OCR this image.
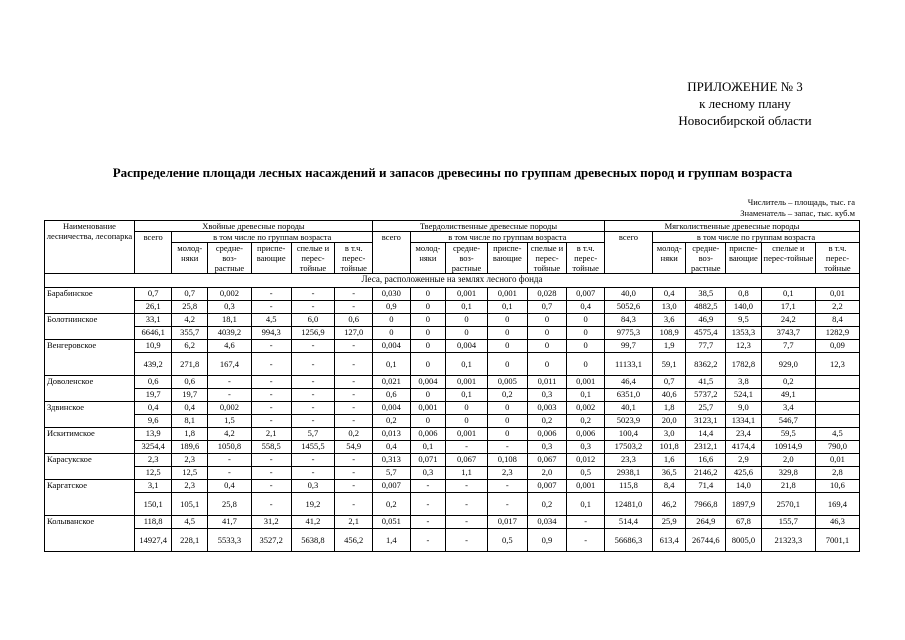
ПРИЛОЖЕНИЕ № 3
к лесному плану
Новосибирской области
Распределение площади лесных насаждений и запасов древесины по группам древесных пород и группам возраста
Числитель – площадь, тыс. га
Знаменатель – запас, тыс. куб.м
Наименование лесничества, лесопарка	Хвойные древесные породы						Твердолиственные древесные породы						Мягколиственные древесные породы					
	всего	в том числе по группам возраста					всего	в том числе по группам возраста					всего	в том числе по группам возраста				
		молод-няки	средне-воз-растные	приспе-вающие	спелые и перес-тойные	в т.ч. перес-тойные		молод-няки	средне-воз-растные	приспе-вающие	спелые и перес-тойные	в т.ч. перес-тойные		молод-няки	средне-воз-растные	приспе-вающие	спелые и перес-тойные	в т.ч. перес-тойные
Леса, расположенные на землях лесного фонда																		
Барабинское	0,7	0,7	0,002	-	-	-	0,030	0	0,001	0,001	0,028	0,007	40,0	0,4	38,5	0,8	0,1	0,01
	26,1	25,8	0,3	-	-	-	0,9	0	0,1	0,1	0,7	0,4	5052,6	13,0	4882,5	140,0	17,1	2,2
Болотнинское	33,1	4,2	18,1	4,5	6,0	0,6	0	0	0	0	0	0	84,3	3,6	46,9	9,5	24,2	8,4
	6646,1	355,7	4039,2	994,3	1256,9	127,0	0	0	0	0	0	0	9775,3	108,9	4575,4	1353,3	3743,7	1282,9
Венгеровское	10,9	6,2	4,6	-	-	-	0,004	0	0,004	0	0	0	99,7	1,9	77,7	12,3	7,7	0,09
	439,2	271,8	167,4	-	-	-	0,1	0	0,1	0	0	0	11133,1	59,1	8362,2	1782,8	929,0	12,3
Доволенское	0,6	0,6	-	-	-	-	0,021	0,004	0,001	0,005	0,011	0,001	46,4	0,7	41,5	3,8	0,2	
	19,7	19,7	-	-	-	-	0,6	0	0,1	0,2	0,3	0,1	6351,0	40,6	5737,2	524,1	49,1	
Здвинское	0,4	0,4	0,002	-	-	-	0,004	0,001	0	0	0,003	0,002	40,1	1,8	25,7	9,0	3,4	
	9,6	8,1	1,5	-	-	-	0,2	0	0	0	0,2	0,2	5023,9	20,0	3123,1	1334,1	546,7	
Искитимское	13,9	1,8	4,2	2,1	5,7	0,2	0,013	0,006	0,001	0	0,006	0,006	100,4	3,0	14,4	23,4	59,5	4,5
	3254,4	189,6	1050,8	558,5	1455,5	54,9	0,4	0,1	-	-	0,3	0,3	17503,2	101,8	2312,1	4174,4	10914,9	790,0
Карасукское	2,3	2,3	-	-	-	-	0,313	0,071	0,067	0,108	0,067	0,012	23,3	1,6	16,6	2,9	2,0	0,01
	12,5	12,5	-	-	-	-	5,7	0,3	1,1	2,3	2,0	0,5	2938,1	36,5	2146,2	425,6	329,8	2,8
Каргатское	3,1	2,3	0,4	-	0,3	-	0,007	-	-	-	0,007	0,001	115,8	8,4	71,4	14,0	21,8	10,6
	150,1	105,1	25,8	-	19,2	-	0,2	-	-	-	0,2	0,1	12481,0	46,2	7966,8	1897,9	2570,1	169,4
Колыванское	118,8	4,5	41,7	31,2	41,2	2,1	0,051	-	-	0,017	0,034	-	514,4	25,9	264,9	67,8	155,7	46,3
	14927,4	228,1	5533,3	3527,2	5638,8	456,2	1,4	-	-	0,5	0,9	-	56686,3	613,4	26744,6	8005,0	21323,3	7001,1
